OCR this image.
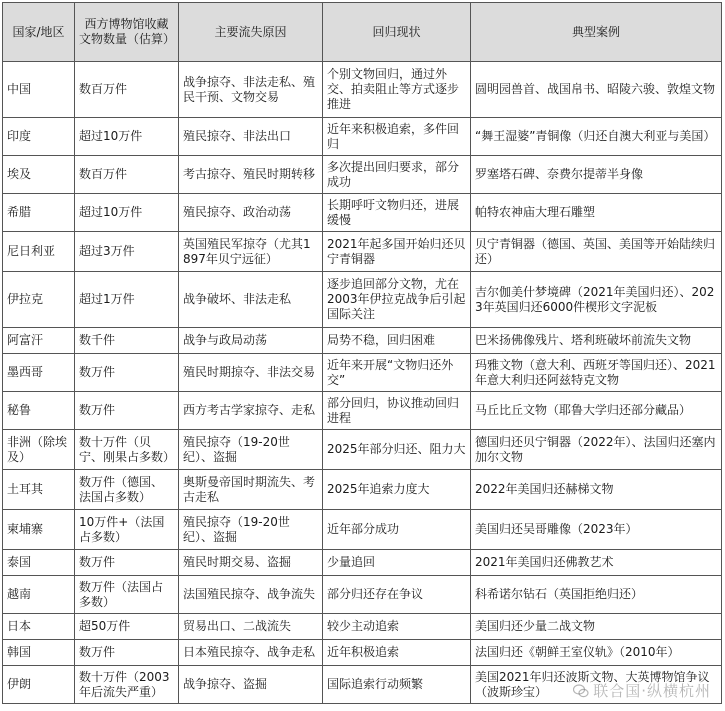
国家/地区	西方博物馆收藏文物数量（估算）	主要流失原因	回归现状	典型案例
中国	数百万件	战争掠夺、非法走私、殖民干预、文物交易	个别文物回归，通过外交、拍卖阻止等方式逐步推进	圆明园兽首、战国帛书、昭陵六骏、敦煌文物
印度	超过10万件	殖民掠夺、非法出口	近年来积极追索，多件回归	“舞王湿婆”青铜像（归还自澳大利亚与美国）
埃及	数百万件	考古掠夺、殖民时期转移	多次提出回归要求，部分成功	罗塞塔石碑、奈费尔提蒂半身像
希腊	超过10万件	殖民掠夺、政治动荡	长期呼吁文物归还，进展缓慢	帕特农神庙大理石雕塑
尼日利亚	超过3万件	英国殖民军掠夺（尤其1897年贝宁远征）	2021年起多国开始归还贝宁青铜器	贝宁青铜器（德国、英国、美国等开始陆续归还）
伊拉克	超过1万件	战争破坏、非法走私	逐步追回部分文物，尤在2003年伊拉克战争后引起国际关注	吉尔伽美什梦境碑（2021年美国归还）、2023年英国归还6000件楔形文字泥板
阿富汗	数千件	战争与政局动荡	局势不稳，回归困难	巴米扬佛像残片、塔利班破坏前流失文物
墨西哥	数万件	殖民时期掠夺、非法交易	近年来开展“文物归还外交”	玛雅文物（意大利、西班牙等国归还）、2021年意大利归还阿兹特克文物
秘鲁	数万件	西方考古学家掠夺、走私	部分回归，协议推动回归进程	马丘比丘文物（耶鲁大学归还部分藏品）
非洲（除埃及）	数十万件（贝宁、刚果占多数）	殖民掠夺（19-20世纪）、盗掘	2025年部分归还、阻力大	德国归还贝宁铜器（2022年）、法国归还塞内加尔文物
土耳其	数万件（德国、法国占多数）	奥斯曼帝国时期流失、考古走私	2025年追索力度大	2022年美国归还赫梯文物
柬埔寨	10万件+（法国占多数）	殖民掠夺（19-20世纪）、盗掘	近年部分成功	美国归还吴哥雕像（2023年）
泰国	数万件	殖民时期交易、盗掘	少量追回	2021年美国归还佛教艺术
越南	数万件（法国占多数）	法国殖民掠夺、战争流失	部分归还存在争议	科希诺尔钻石（英国拒绝归还）
日本	超50万件	贸易出口、二战流失	较少主动追索	美国归还少量二战文物
韩国	数万件	日本殖民掠夺、战争走私	近年积极追索	法国归还《朝鲜王室仪轨》（2010年）
伊朗	数十万件（2003年后流失严重）	战争掠夺、盗掘	国际追索行动频繁	美国2021年归还波斯文物、大英博物馆争议（波斯珍宝）	联合国·纵横杭州
